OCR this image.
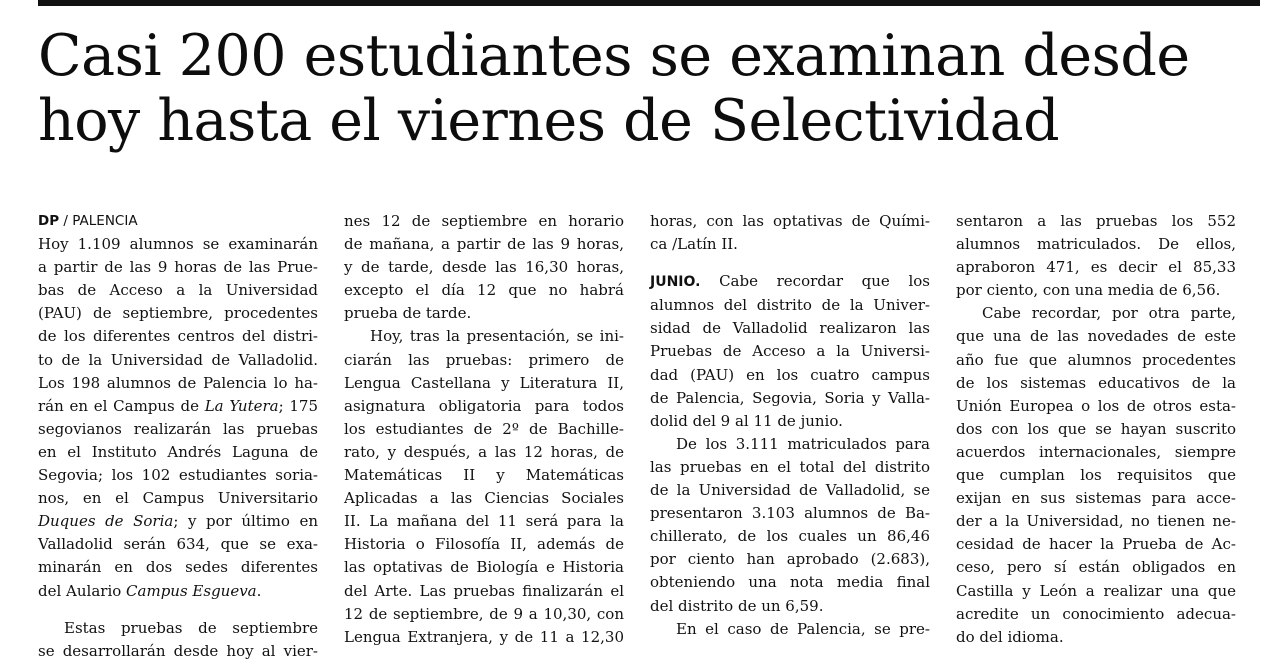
Casi 200 estudiantes se examinan desde
hoy hasta el viernes de Selectividad
DP / PALENCIA
Hoy 1.109 alumnos se examinarán
a partir de las 9 horas de las Prue-
bas de Acceso a la Universidad
(PAU) de septiembre, procedentes
de los diferentes centros del distri-
to de la Universidad de Valladolid.
Los 198 alumnos de Palencia lo ha-
rán en el Campus de La Yutera; 175
segovianos realizarán las pruebas
en el Instituto Andrés Laguna de
Segovia; los 102 estudiantes soria-
nos, en el Campus Universitario
Duques de Soria; y por último en
Valladolid serán 634, que se exa-
minarán en dos sedes diferentes
del Aulario Campus Esgueva.
Estas pruebas de septiembre
se desarrollarán desde hoy al vier-
nes 12 de septiembre en horario
de mañana, a partir de las 9 horas,
y de tarde, desde las 16,30 horas,
excepto el día 12 que no habrá
prueba de tarde.
Hoy, tras la presentación, se ini-
ciarán las pruebas: primero de
Lengua Castellana y Literatura II,
asignatura obligatoria para todos
los estudiantes de 2º de Bachille-
rato, y después, a las 12 horas, de
Matemáticas II y Matemáticas
Aplicadas a las Ciencias Sociales
II. La mañana del 11 será para la
Historia o Filosofía II, además de
las optativas de Biología e Historia
del Arte. Las pruebas finalizarán el
12 de septiembre, de 9 a 10,30, con
Lengua Extranjera, y de 11 a 12,30
horas, con las optativas de Quími-
ca /Latín II.
JUNIO. Cabe recordar que los
alumnos del distrito de la Univer-
sidad de Valladolid realizaron las
Pruebas de Acceso a la Universi-
dad (PAU) en los cuatro campus
de Palencia, Segovia, Soria y Valla-
dolid del 9 al 11 de junio.
De los 3.111 matriculados para
las pruebas en el total del distrito
de la Universidad de Valladolid, se
presentaron 3.103 alumnos de Ba-
chillerato, de los cuales un 86,46
por ciento han aprobado (2.683),
obteniendo una nota media final
del distrito de un 6,59.
En el caso de Palencia, se pre-
sentaron a las pruebas los 552
alumnos matriculados. De ellos,
apraboron 471, es decir el 85,33
por ciento, con una media de 6,56.
Cabe recordar, por otra parte,
que una de las novedades de este
año fue que alumnos procedentes
de los sistemas educativos de la
Unión Europea o los de otros esta-
dos con los que se hayan suscrito
acuerdos internacionales, siempre
que cumplan los requisitos que
exijan en sus sistemas para acce-
der a la Universidad, no tienen ne-
cesidad de hacer la Prueba de Ac-
ceso, pero sí están obligados en
Castilla y León a realizar una que
acredite un conocimiento adecua-
do del idioma.
